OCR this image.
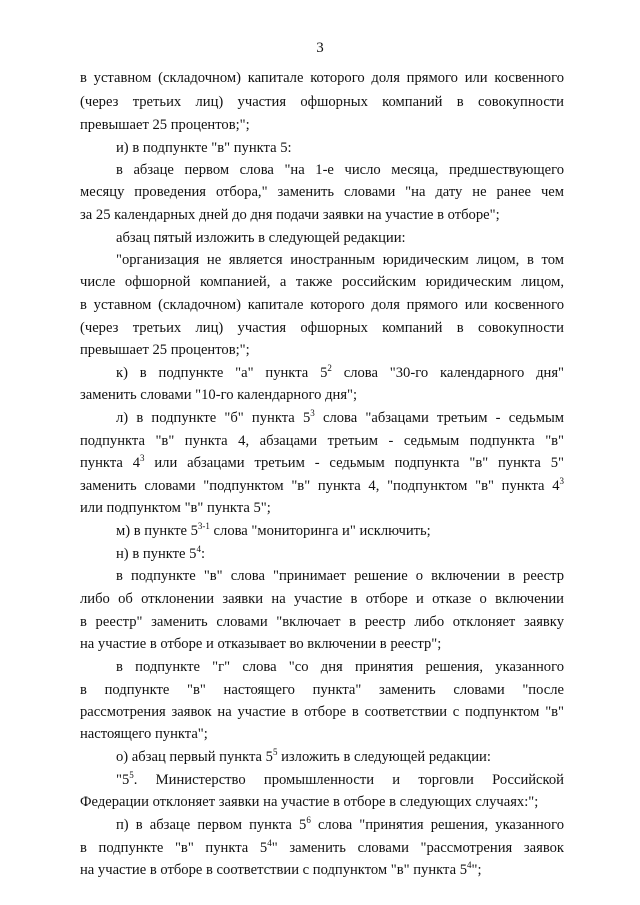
3
в уставном (складочном) капитале которого доля прямого или косвенного
(через третьих лиц) участия офшорных компаний в совокупности
превышает 25 процентов;";
и) в подпункте "в" пункта 5:
в абзаце первом слова "на 1-е число месяца, предшествующего
месяцу проведения отбора," заменить словами "на дату не ранее чем
за 25 календарных дней до дня подачи заявки на участие в отборе";
абзац пятый изложить в следующей редакции:
"организация не является иностранным юридическим лицом, в том
числе офшорной компанией, а также российским юридическим лицом,
в уставном (складочном) капитале которого доля прямого или косвенного
(через третьих лиц) участия офшорных компаний в совокупности
превышает 25 процентов;";
к) в подпункте "а" пункта $5^2$ слова "30-го календарного дня"
заменить словами "10-го календарного дня";
л) в подпункте "б" пункта $5^3$ слова "абзацами третьим - седьмым
подпункта "в" пункта 4, абзацами третьим - седьмым подпункта "в"
пункта $4^3$ или абзацами третьим - седьмым подпункта "в" пункта 5"
заменить словами "подпунктом "в" пункта 4, "подпунктом "в" пункта $4^3$
или подпунктом "в" пункта 5";
м) в пункте 5$^{3-1}$ слова "мониторинга и" исключить;
н) в пункте $5^4$:
в подпункте "в" слова "принимает решение о включении в реестр
либо об отклонении заявки на участие в отборе и отказе о включении
в реестр" заменить словами "включает в реестр либо отклоняет заявку
на участие в отборе и отказывает во включении в реестр";
в подпункте "г" слова "со дня принятия решения, указанного
в подпункте "в" настоящего пункта" заменить словами "после
рассмотрения заявок на участие в отборе в соответствии с подпунктом "в"
настоящего пункта";
о) абзац первый пункта $5^5$ изложить в следующей редакции:
"$5^5$. Министерство промышленности и торговли Российской
Федерации отклоняет заявки на участие в отборе в следующих случаях:";
п) в абзаце первом пункта $5^6$ слова "принятия решения, указанного
в подпункте "в" пункта $5^4$" заменить словами "рассмотрения заявок
на участие в отборе в соответствии с подпунктом "в" пункта $5^4$";
